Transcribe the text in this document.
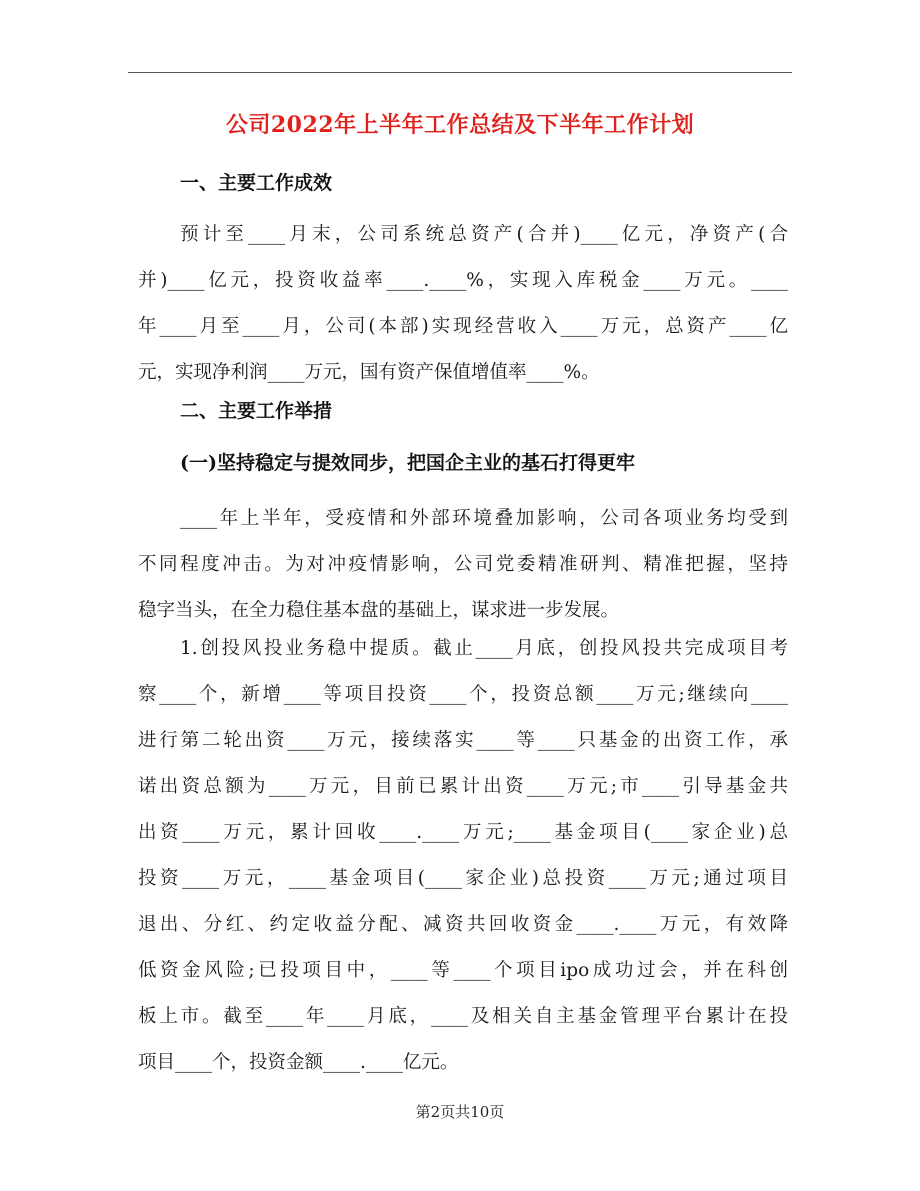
公司2022年上半年工作总结及下半年工作计划
一、主要工作成效
预计至____月末，公司系统总资产(合并)____亿元，净资产(合
并)____亿元，投资收益率____.____%，实现入库税金____万元。____
年____月至____月，公司(本部)实现经营收入____万元，总资产____亿
元，实现净利润____万元，国有资产保值增值率____%。
二、主要工作举措
(一)坚持稳定与提效同步，把国企主业的基石打得更牢
____年上半年，受疫情和外部环境叠加影响，公司各项业务均受到
不同程度冲击。为对冲疫情影响，公司党委精准研判、精准把握，坚持
稳字当头，在全力稳住基本盘的基础上，谋求进一步发展。
1.创投风投业务稳中提质。截止____月底，创投风投共完成项目考
察____个，新增____等项目投资____个，投资总额____万元;继续向____
进行第二轮出资____万元，接续落实____等____只基金的出资工作，承
诺出资总额为____万元，目前已累计出资____万元;市____引导基金共
出资____万元，累计回收____.____万元;____基金项目(____家企业)总
投资____万元，____基金项目(____家企业)总投资____万元;通过项目
退出、分红、约定收益分配、减资共回收资金____.____万元，有效降
低资金风险;已投项目中，____等____个项目ipo成功过会，并在科创
板上市。截至____年____月底，____及相关自主基金管理平台累计在投
项目____个，投资金额____.____亿元。
第2页共10页
